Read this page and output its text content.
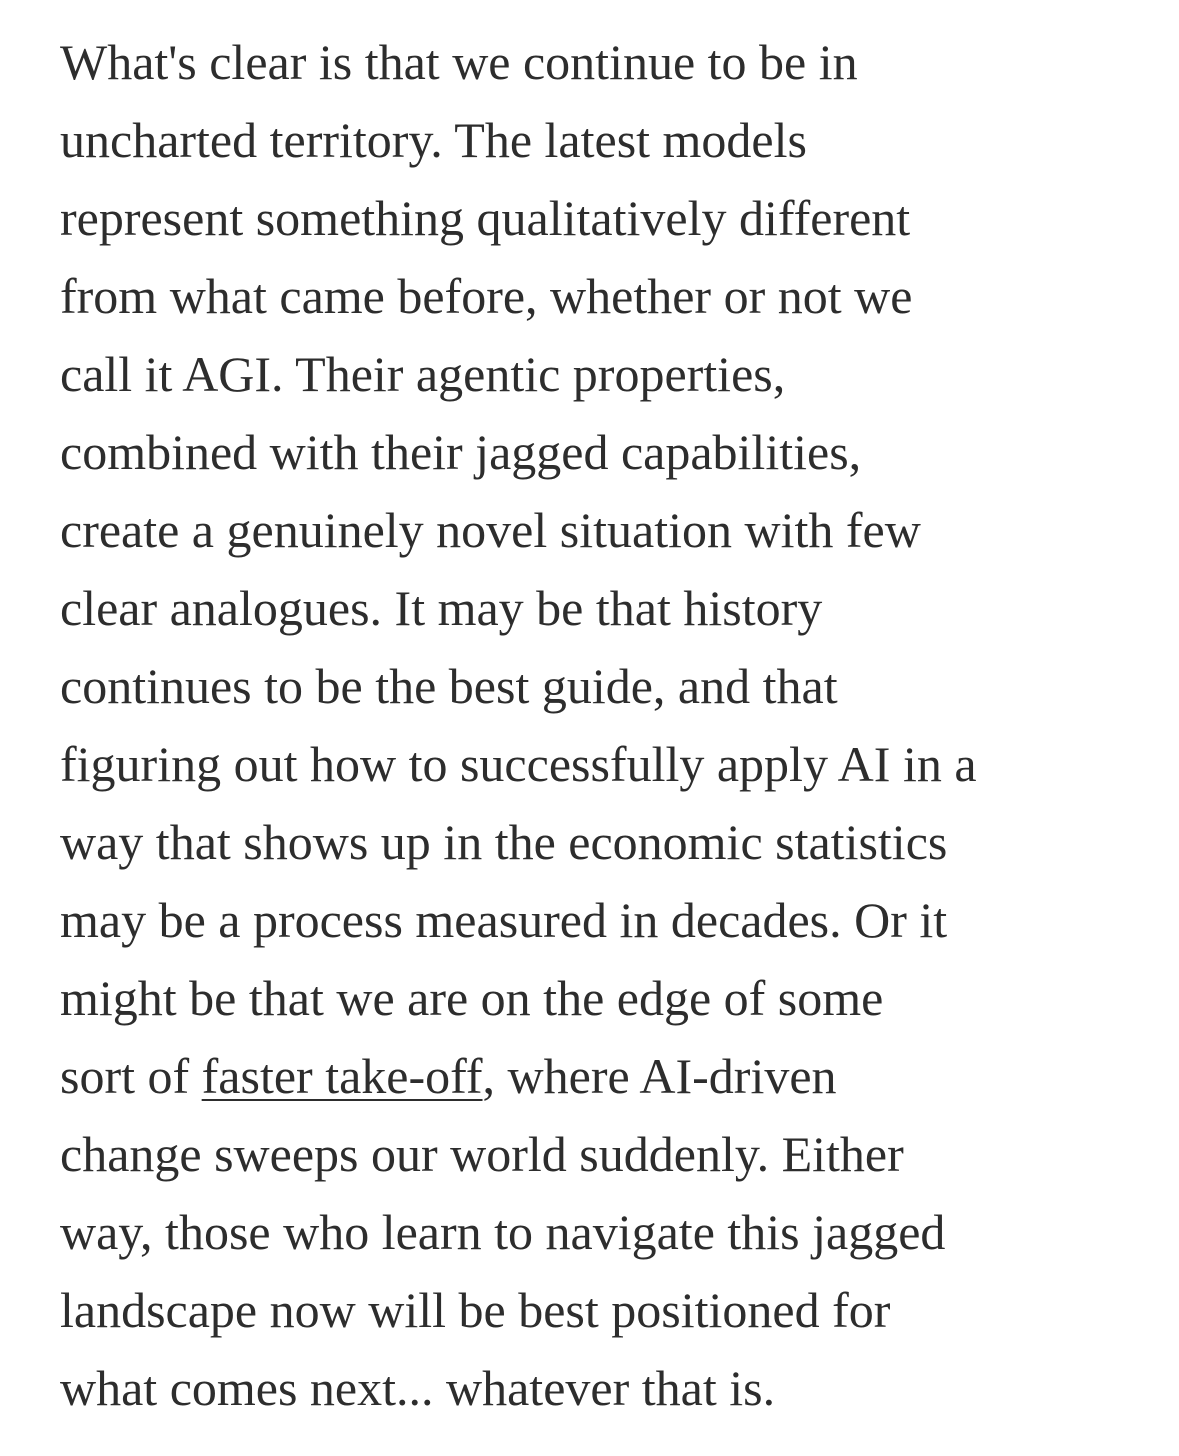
What's clear is that we continue to be in
uncharted territory. The latest models
represent something qualitatively different
from what came before, whether or not we
call it AGI. Their agentic properties,
combined with their jagged capabilities,
create a genuinely novel situation with few
clear analogues. It may be that history
continues to be the best guide, and that
figuring out how to successfully apply AI in a
way that shows up in the economic statistics
may be a process measured in decades. Or it
might be that we are on the edge of some
sort of faster take-off, where AI-driven
change sweeps our world suddenly. Either
way, those who learn to navigate this jagged
landscape now will be best positioned for
what comes next... whatever that is.
